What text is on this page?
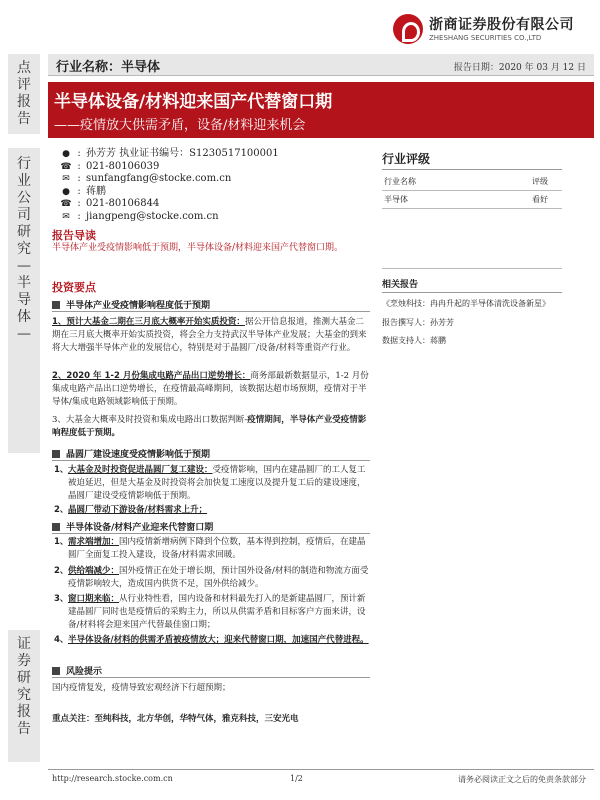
浙商证券股份有限公司
ZHESHANG SECURITIES CO.,LTD
点
评
报
告
行
业
公
司
研
究
—
半
导
体
—
证
券
研
究
报
告
行业名称：半导体	报告日期：2020 年 03 月 12 日
半导体设备/材料迎来国产代替窗口期
——疫情放大供需矛盾，设备/材料迎来机会
● : 孙芳芳 执业证书编号：S1230517100001
☎ : 021-80106039
✉ : sunfangfang@stocke.com.cn
● : 蒋鹏
☎ : 021-80106844
✉ : jiangpeng@stocke.com.cn
行业评级
行业名称	评级
半导体	看好
相关报告
《烹烛科技：冉冉升起的半导体清洗设备新星》
报告撰写人：孙芳芳
数据支持人：蒋鹏
报告导读
半导体产业受疫情影响低于预期，半导体设备/材料迎来国产代替窗口期。
投资要点
半导体产业受疫情影响程度低于预期
1、预计大基金二期在三月底大概率开始实质投资：据公开信息报道，推测大基金二期在三月底大概率开始实质投资，将会全力支持武汉半导体产业发展；大基金的到来将大大增强半导体产业的发展信心，特别是对于晶圆厂/设备/材料等重资产行业。
2、2020 年 1-2 月份集成电路产品出口逆势增长：商务部最新数据显示，1-2 月份集成电路产品出口逆势增长，在疫情最高峰期间，该数据达超市场预期，疫情对于半导体/集成电路领域影响低于预期。
3、大基金大概率及时投资和集成电路出口数据判断-疫情期间，半导体产业受疫情影响程度低于预期。
晶圆厂建设速度受疫情影响低于预期
1、 大基金及时投资促进晶圆厂复工建设：受疫情影响，国内在建晶圆厂的工人复工被迫延迟，但是大基金及时投资将会加快复工速度以及提升复工后的建设速度，晶圆厂建设受疫情影响低于预期。
2、 晶圆厂带动下游设备/材料需求上升；
半导体设备/材料产业迎来代替窗口期
1、 需求端增加：国内疫情新增病例下降到个位数，基本得到控制，疫情后，在建晶圆厂全面复工投入建设，设备/材料需求回暖。
2、 供给端减少：国外疫情正在处于增长期，预计国外设备/材料的制造和物流方面受疫情影响较大，造成国内供货不足，国外供给减少。
3、 窗口期来临：从行业特性看，国内设备和材料最先打入的是新建晶圆厂，预计新建晶圆厂同时也是疫情后的采购主力，所以从供需矛盾和目标客户方面来讲，设备/材料将会迎来国产代替最佳窗口期；
4、 半导体设备/材料的供需矛盾被疫情放大；迎来代替窗口期，加速国产代替进程。
风险提示
国内疫情复发，疫情导致宏观经济下行超预期；
重点关注：至纯科技，北方华创，华特气体，雅克科技，三安光电
http://research.stocke.com.cn	1/2	请务必阅读正文之后的免责条款部分
